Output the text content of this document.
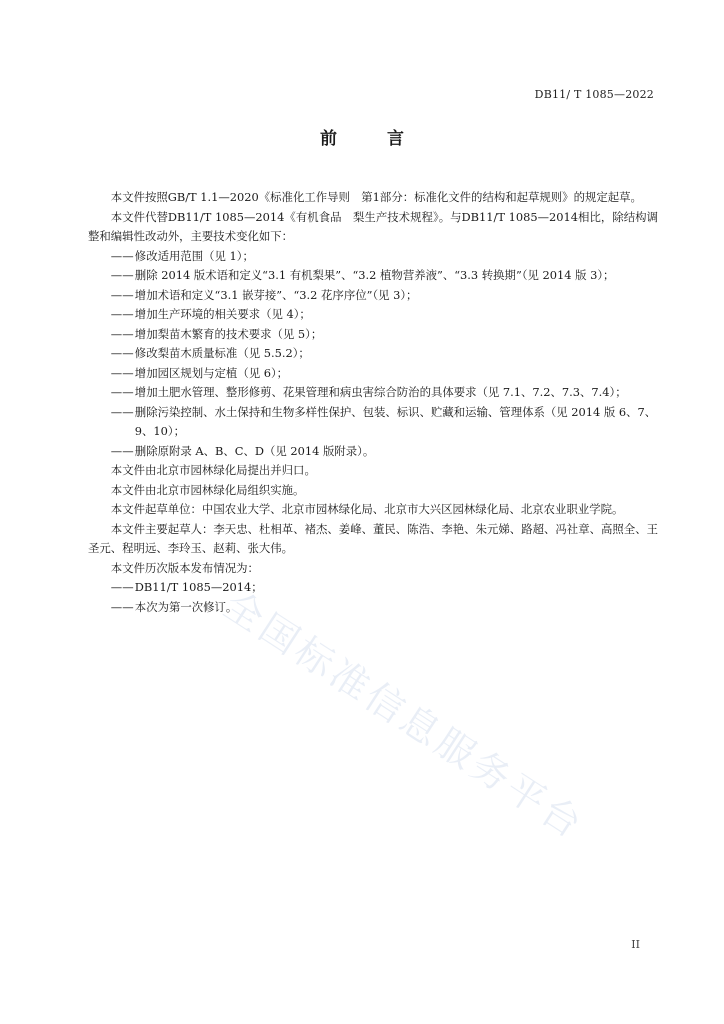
DB11/ T 1085—2022
前 言

本文件按照GB/T 1.1—2020《标准化工作导则　第1部分：标准化文件的结构和起草规则》的规定起草。

本文件代替DB11/T 1085—2014《有机食品　梨生产技术规程》。与DB11/T 1085—2014相比，除结构调整和编辑性改动外，主要技术变化如下：

——修改适用范围（见 1）；

——删除 2014 版术语和定义“3.1 有机梨果”、“3.2 植物营养液”、“3.3 转换期”（见 2014 版 3）；

——增加术语和定义“3.1 嵌芽接”、“3.2 花序序位”（见 3）；

——增加生产环境的相关要求（见 4）；

——增加梨苗木繁育的技术要求（见 5）；

——修改梨苗木质量标准（见 5.5.2）；

——增加园区规划与定植（见 6）；

——增加土肥水管理、整形修剪、花果管理和病虫害综合防治的具体要求（见 7.1、7.2、7.3、7.4）；

——删除污染控制、水土保持和生物多样性保护、包装、标识、贮藏和运输、管理体系（见 2014 版 6、7、9、10）；

——删除原附录 A、B、C、D（见 2014 版附录）。

本文件由北京市园林绿化局提出并归口。

本文件由北京市园林绿化局组织实施。

本文件起草单位：中国农业大学、北京市园林绿化局、北京市大兴区园林绿化局、北京农业职业学院。

本文件主要起草人：李天忠、杜相革、褚杰、姜峰、董民、陈浩、李艳、朱元娣、路超、冯社章、高照全、王圣元、程明远、李玲玉、赵莉、张大伟。

本文件历次版本发布情况为：

——DB11/T 1085—2014；

——本次为第一次修订。

全国标准信息服务平台
II
